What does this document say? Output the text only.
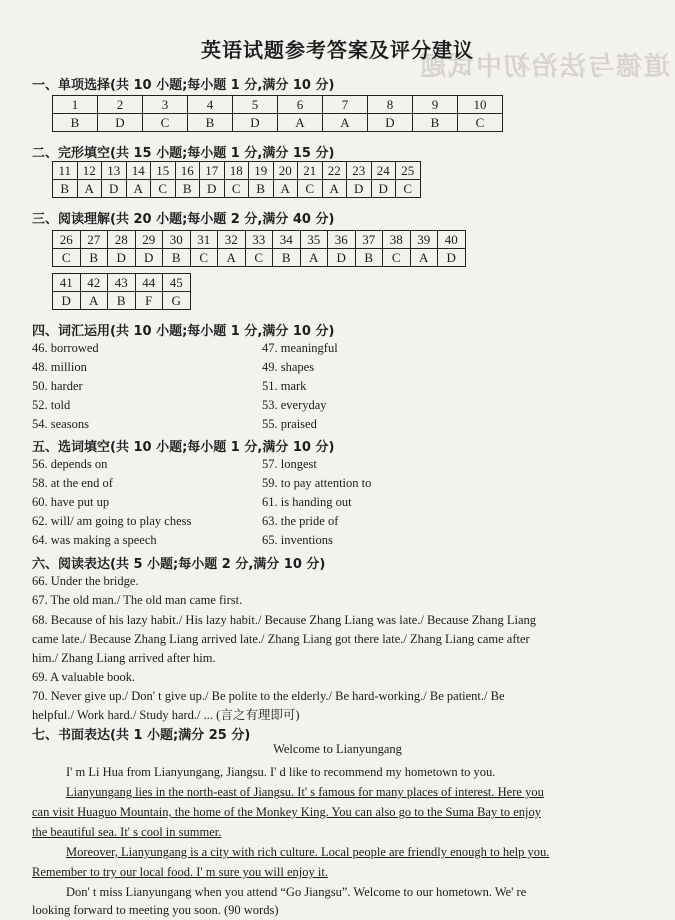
道德与法治初中试题
英语试题参考答案及评分建议
一、单项选择(共 10 小题;每小题 1 分,满分 10 分)
1	2	3	4	5	6	7	8	9	10
B	D	C	B	D	A	A	D	B	C
二、完形填空(共 15 小题;每小题 1 分,满分 15 分)
11	12	13	14	15	16	17	18	19	20	21	22	23	24	25
B	A	D	A	C	B	D	C	B	A	C	A	D	D	C
三、阅读理解(共 20 小题;每小题 2 分,满分 40 分)
26	27	28	29	30	31	32	33	34	35	36	37	38	39	40
C	B	D	D	B	C	A	C	B	A	D	B	C	A	D
41	42	43	44	45
D	A	B	F	G
四、词汇运用(共 10 小题;每小题 1 分,满分 10 分)
46. borrowed
48. million
50. harder
52. told
54. seasons
47. meaningful
49. shapes
51. mark
53. everyday
55. praised
五、选词填空(共 10 小题;每小题 1 分,满分 10 分)
56. depends on
58. at the end of
60. have put up
62. will/ am going to play chess
64. was making a speech
57. longest
59. to pay attention to
61. is handing out
63. the pride of
65. inventions
六、阅读表达(共 5 小题;每小题 2 分,满分 10 分)
66. Under the bridge.
67. The old man./ The old man came first.
68. Because of his lazy habit./ His lazy habit./ Because Zhang Liang was late./ Because Zhang Liang
came late./ Because Zhang Liang arrived late./ Zhang Liang got there late./ Zhang Liang came after
him./ Zhang Liang arrived after him.
69. A valuable book.
70. Never give up./ Don' t give up./ Be polite to the elderly./ Be hard-working./ Be patient./ Be
helpful./ Work hard./ Study hard./ ... (言之有理即可)
七、书面表达(共 1 小题;满分 25 分)
Welcome to Lianyungang
I' m Li Hua from Lianyungang, Jiangsu. I' d like to recommend my hometown to you.
Lianyungang lies in the north-east of Jiangsu. It' s famous for many places of interest. Here you
can visit Huaguo Mountain, the home of the Monkey King. You can also go to the Suma Bay to enjoy
the beautiful sea. It' s cool in summer.
Moreover, Lianyungang is a city with rich culture. Local people are friendly enough to help you.
Remember to try our local food. I' m sure you will enjoy it.
Don' t miss Lianyungang when you attend “Go Jiangsu”. Welcome to our hometown. We' re
looking forward to meeting you soon. (90 words)
